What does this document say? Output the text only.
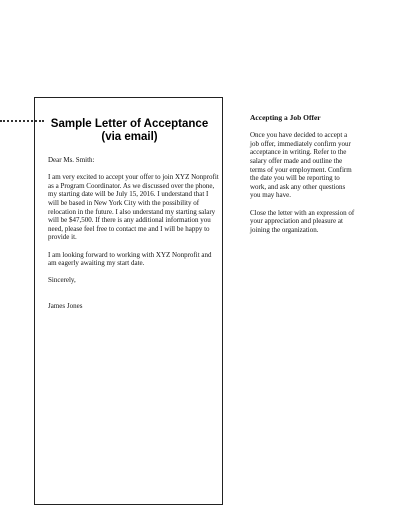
Sample Letter of Acceptance
(via email)

Dear Ms. Smith:

I am very excited to accept your offer to join XYZ Nonprofit
as a Program Coordinator. As we discussed over the phone,
my starting date will be July 15, 2016. I understand that I
will be based in New York City with the possibility of
relocation in the future. I also understand my starting salary
will be $47,500. If there is any additional information you
need, please feel free to contact me and I will be happy to
provide it.

I am looking forward to working with XYZ Nonprofit and
am eagerly awaiting my start date.

Sincerely,

James Jones

Accepting a Job Offer

Once you have decided to accept a
job offer, immediately confirm your
acceptance in writing. Refer to the
salary offer made and outline the
terms of your employment. Confirm
the date you will be reporting to
work, and ask any other questions
you may have.

Close the letter with an expression of
your appreciation and pleasure at
joining the organization.
